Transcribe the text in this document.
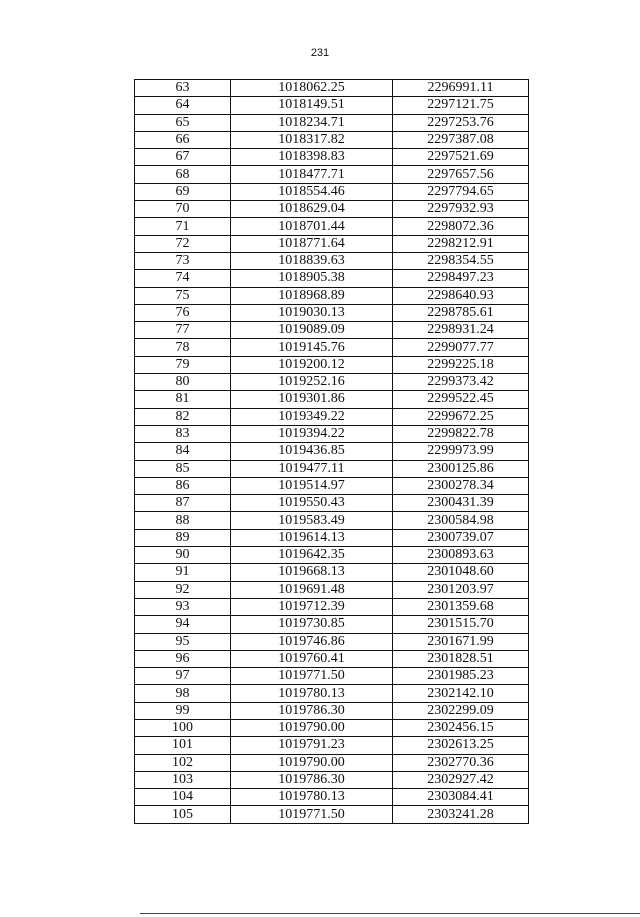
231
63	1018062.25	2296991.11
64	1018149.51	2297121.75
65	1018234.71	2297253.76
66	1018317.82	2297387.08
67	1018398.83	2297521.69
68	1018477.71	2297657.56
69	1018554.46	2297794.65
70	1018629.04	2297932.93
71	1018701.44	2298072.36
72	1018771.64	2298212.91
73	1018839.63	2298354.55
74	1018905.38	2298497.23
75	1018968.89	2298640.93
76	1019030.13	2298785.61
77	1019089.09	2298931.24
78	1019145.76	2299077.77
79	1019200.12	2299225.18
80	1019252.16	2299373.42
81	1019301.86	2299522.45
82	1019349.22	2299672.25
83	1019394.22	2299822.78
84	1019436.85	2299973.99
85	1019477.11	2300125.86
86	1019514.97	2300278.34
87	1019550.43	2300431.39
88	1019583.49	2300584.98
89	1019614.13	2300739.07
90	1019642.35	2300893.63
91	1019668.13	2301048.60
92	1019691.48	2301203.97
93	1019712.39	2301359.68
94	1019730.85	2301515.70
95	1019746.86	2301671.99
96	1019760.41	2301828.51
97	1019771.50	2301985.23
98	1019780.13	2302142.10
99	1019786.30	2302299.09
100	1019790.00	2302456.15
101	1019791.23	2302613.25
102	1019790.00	2302770.36
103	1019786.30	2302927.42
104	1019780.13	2303084.41
105	1019771.50	2303241.28
